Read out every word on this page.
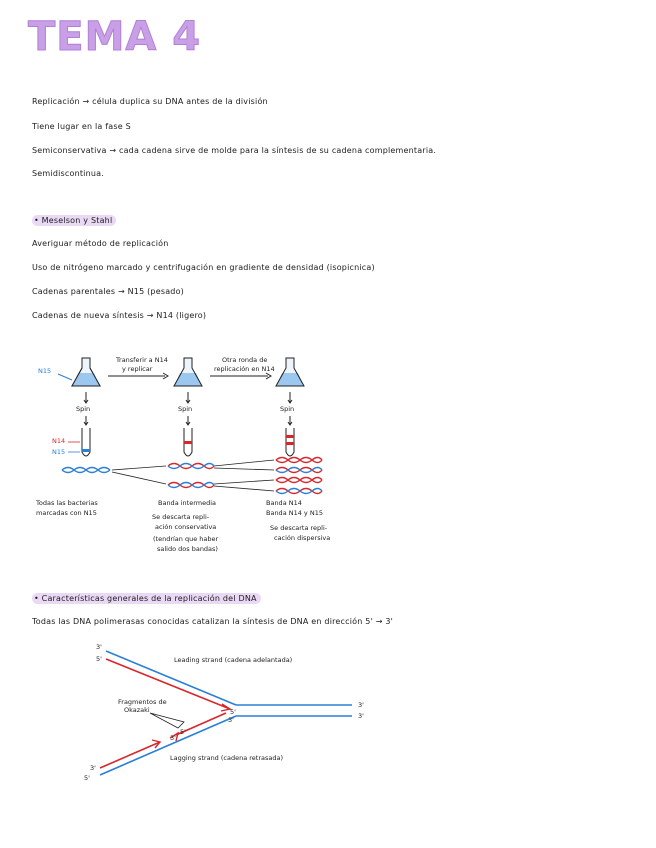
TEMA 4
Replicación → célula duplica su DNA antes de la división
Tiene lugar en la fase S
Semiconservativa → cada cadena sirve de molde para la síntesis de su cadena complementaria.
Semidiscontinua.
• Meselson y Stahl
Averiguar método de replicación
Uso de nitrógeno marcado y centrifugación en gradiente de densidad (isopicnica)
Cadenas parentales → N15 (pesado)
Cadenas de nueva síntesis → N14 (ligero)
N15
Transferir a N14
y replicar
Otra ronda de
replicación en N14
Spin	Spin	Spin
N14
N15
Todas las bacterias
marcadas con N15
Banda intermedia
Se descarta repli-
ación conservativa
(tendrían que haber
salido dos bandas)
Banda N14
Banda N14 y N15
Se descarta repli-
cación dispersiva
• Características generales de la replicación del DNA
Todas las DNA polimerasas conocidas catalizan la síntesis de DNA en dirección 5' → 3'
3'
5'	Leading strand (cadena adelantada)
Fragmentos de
Okazaki
3'
5'
5'
3'
3'
3'
Lagging strand (cadena retrasada)
3'
5'
